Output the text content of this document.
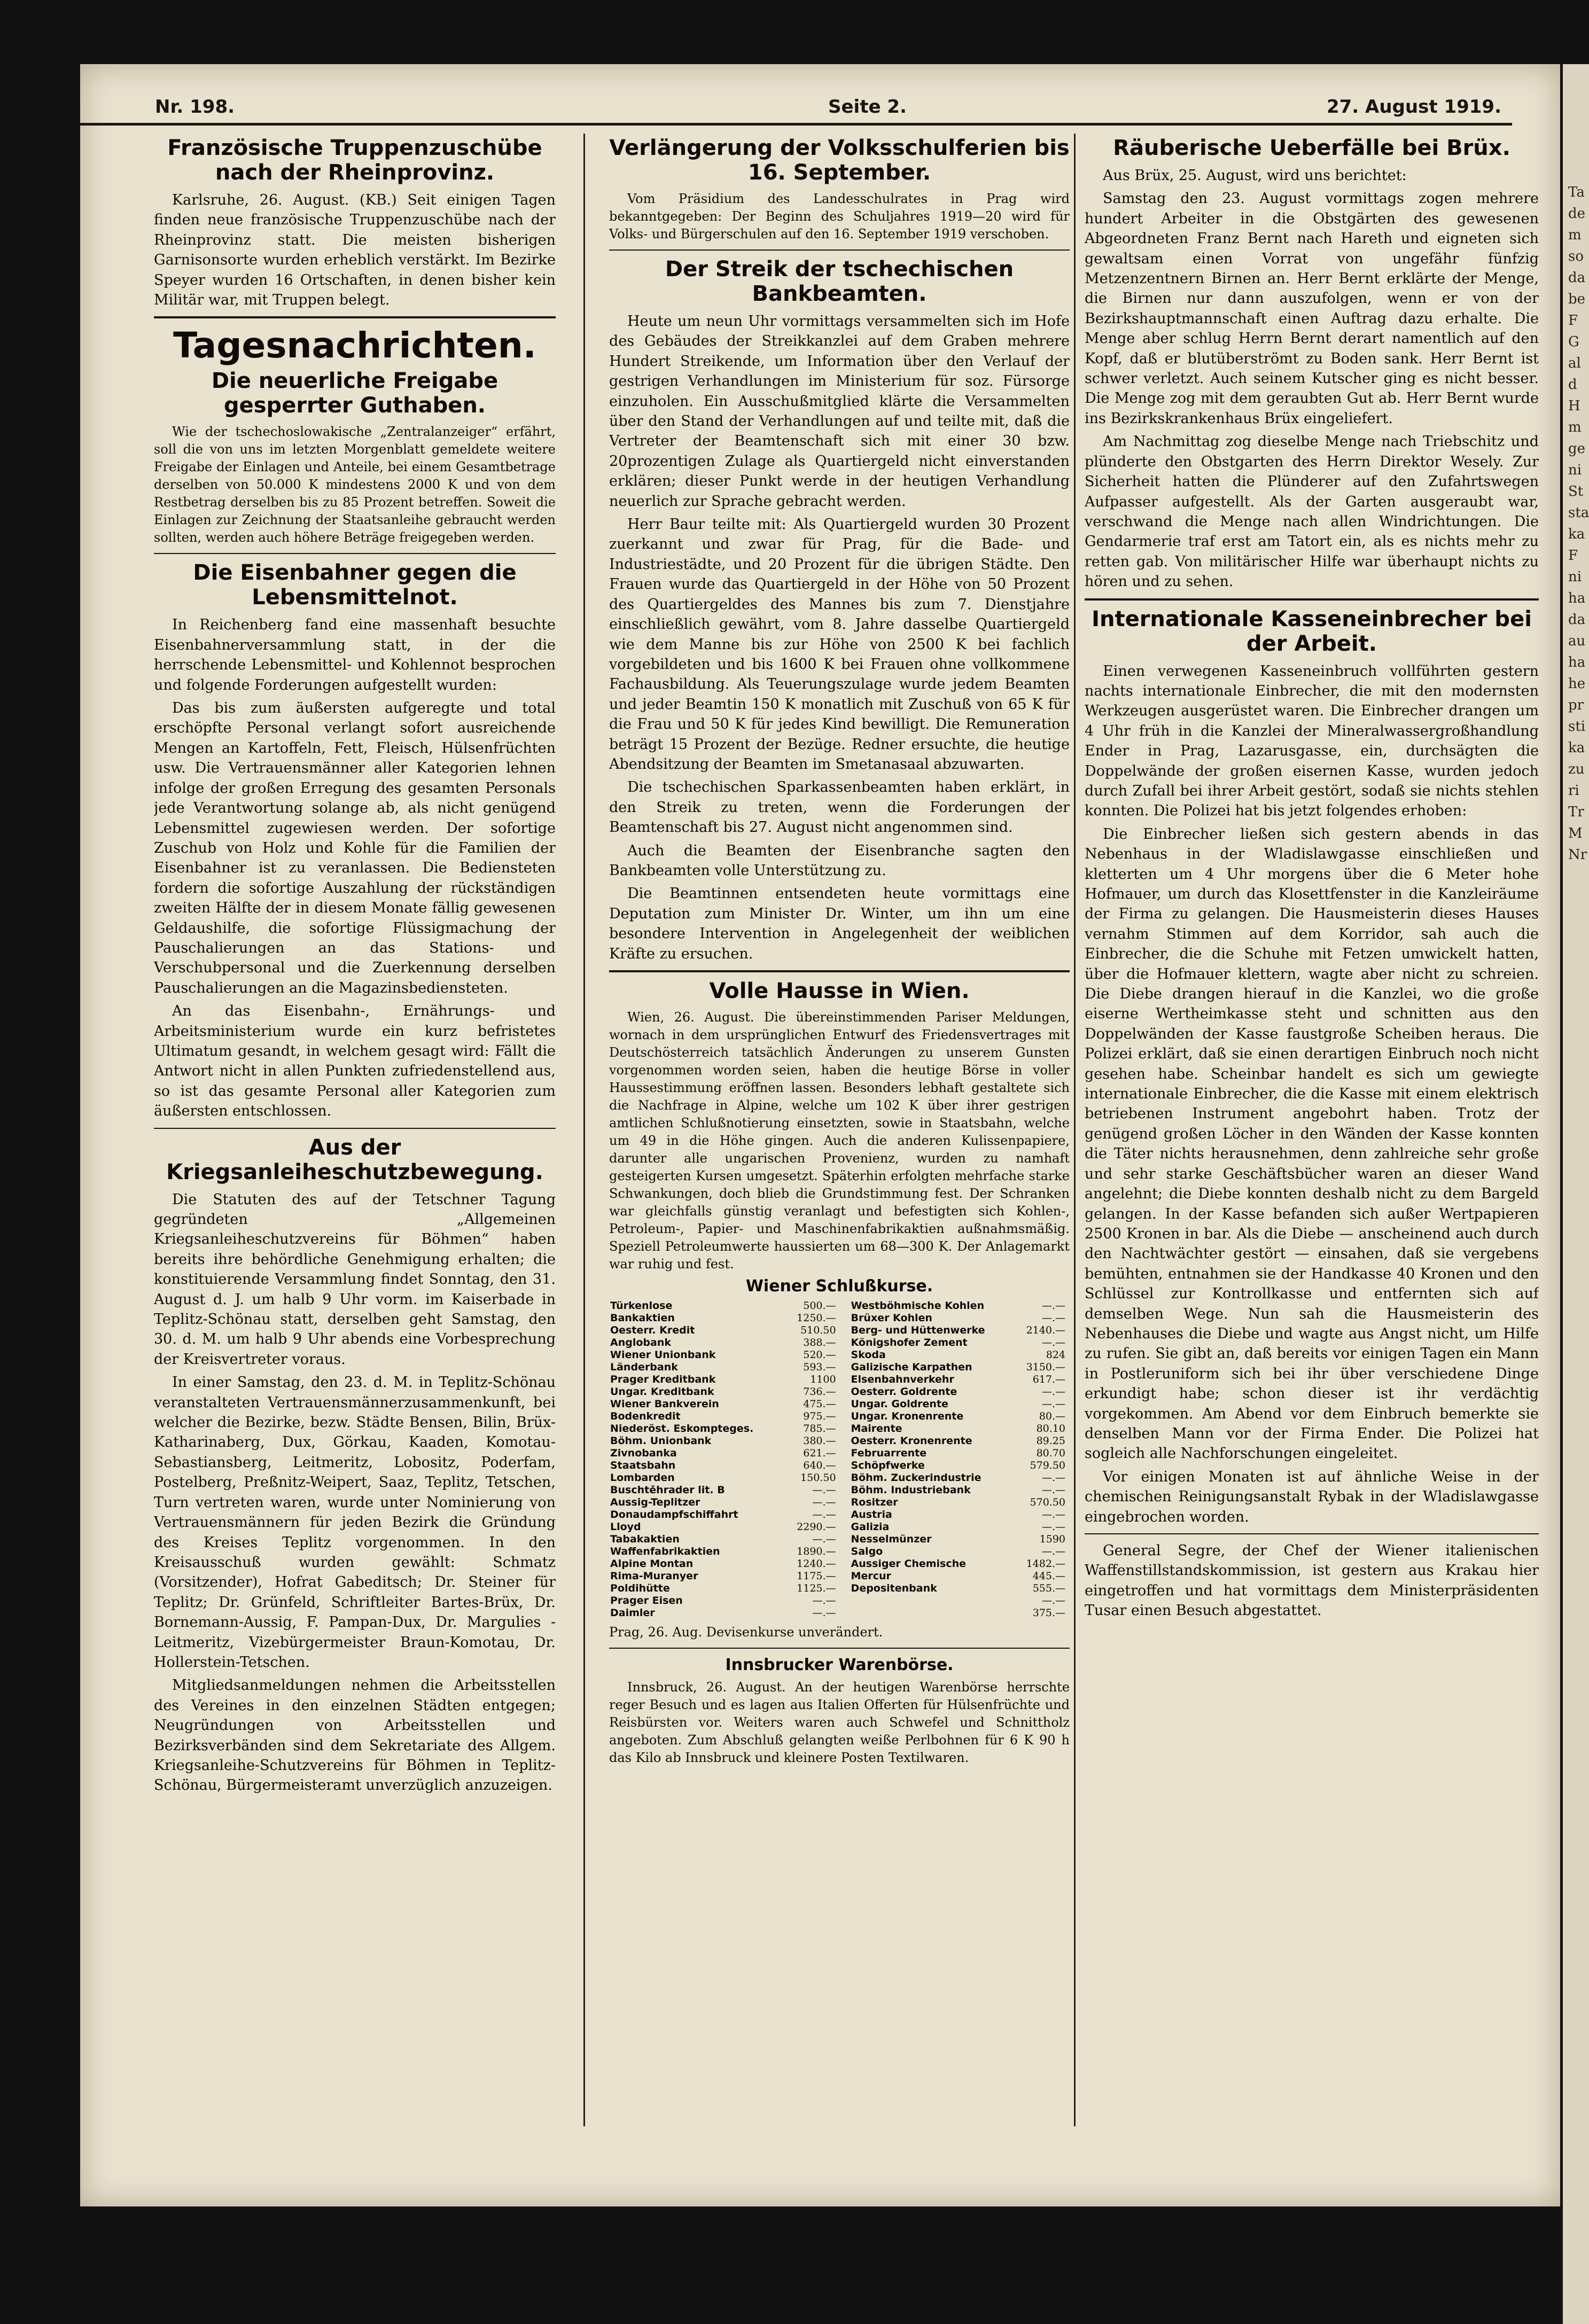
Ta
de
m
so
da
be
F
G
al
d
H
m
ge
ni
St
sta
ka
F
ni
ha
da
au
ha
he
pr
sti
ka
zu
ri
Tr
M
Nr
Nr. 198.	Seite 2.	27. August 1919.
Französische Truppenzuschübe nach der Rheinprovinz.

Karlsruhe, 26. August. (KB.) Seit einigen Tagen finden neue französische Truppenzuschübe nach der Rheinprovinz statt. Die meisten bisherigen Garnisonsorte wurden erheblich verstärkt. Im Bezirke Speyer wurden 16 Ortschaften, in denen bisher kein Militär war, mit Truppen belegt.

Tagesnachrichten.
Die neuerliche Freigabe gesperrter Guthaben.

Wie der tschechoslowakische „Zentralanzeiger“ erfährt, soll die von uns im letzten Morgenblatt gemeldete weitere Freigabe der Einlagen und Anteile, bei einem Gesamtbetrage derselben von 50.000 K mindestens 2000 K und von dem Restbetrag derselben bis zu 85 Prozent betreffen. Soweit die Einlagen zur Zeichnung der Staatsanleihe gebraucht werden sollten, werden auch höhere Beträge freigegeben werden.

Die Eisenbahner gegen die Lebensmittelnot.

In Reichenberg fand eine massenhaft besuchte Eisenbahnerversammlung statt, in der die herrschende Lebensmittel- und Kohlennot besprochen und folgende Forderungen aufgestellt wurden:

Das bis zum äußersten aufgeregte und total erschöpfte Personal verlangt sofort ausreichende Mengen an Kartoffeln, Fett, Fleisch, Hülsenfrüchten usw. Die Vertrauensmänner aller Kategorien lehnen infolge der großen Erregung des gesamten Personals jede Verantwortung solange ab, als nicht genügend Lebensmittel zugewiesen werden. Der sofortige Zuschub von Holz und Kohle für die Familien der Eisenbahner ist zu veranlassen. Die Bediensteten fordern die sofortige Auszahlung der rückständigen zweiten Hälfte der in diesem Monate fällig gewesenen Geldaushilfe, die sofortige Flüssigmachung der Pauschalierungen an das Stations- und Verschubpersonal und die Zuerkennung derselben Pauschalierungen an die Magazinsbediensteten.

An das Eisenbahn-, Ernährungs- und Arbeitsministerium wurde ein kurz befristetes Ultimatum gesandt, in welchem gesagt wird: Fällt die Antwort nicht in allen Punkten zufriedenstellend aus, so ist das gesamte Personal aller Kategorien zum äußersten entschlossen.

Aus der Kriegsanleiheschutzbewegung.

Die Statuten des auf der Tetschner Tagung gegründeten „Allgemeinen Kriegsanleiheschutzvereins für Böhmen“ haben bereits ihre behördliche Genehmigung erhalten; die konstituierende Versammlung findet Sonntag, den 31. August d. J. um halb 9 Uhr vorm. im Kaiserbade in Teplitz-Schönau statt, derselben geht Samstag, den 30. d. M. um halb 9 Uhr abends eine Vorbesprechung der Kreisvertreter voraus.

In einer Samstag, den 23. d. M. in Teplitz-Schönau veranstalteten Vertrauensmännerzusammenkunft, bei welcher die Bezirke, bezw. Städte Bensen, Bilin, Brüx-Katharinaberg, Dux, Görkau, Kaaden, Komotau-Sebastiansberg, Leitmeritz, Lobositz, Poderfam, Postelberg, Preßnitz-Weipert, Saaz, Teplitz, Tetschen, Turn vertreten waren, wurde unter Nominierung von Vertrauensmännern für jeden Bezirk die Gründung des Kreises Teplitz vorgenommen. In den Kreisausschuß wurden gewählt: Schmatz (Vorsitzender), Hofrat Gabeditsch; Dr. Steiner für Teplitz; Dr. Grünfeld, Schriftleiter Bartes-Brüx, Dr. Bornemann-Aussig, F. Pampan-Dux, Dr. Margulies - Leitmeritz, Vizebürgermeister Braun-Komotau, Dr. Hollerstein-Tetschen.

Mitgliedsanmeldungen nehmen die Arbeitsstellen des Vereines in den einzelnen Städten entgegen; Neugründungen von Arbeitsstellen und Bezirksverbänden sind dem Sekretariate des Allgem. Kriegsanleihe-Schutzvereins für Böhmen in Teplitz-Schönau, Bürgermeisteramt unverzüglich anzuzeigen.

Verlängerung der Volksschulferien bis 16. September.

Vom Präsidium des Landesschulrates in Prag wird bekanntgegeben: Der Beginn des Schuljahres 1919—20 wird für Volks- und Bürgerschulen auf den 16. September 1919 verschoben.

Der Streik der tschechischen Bankbeamten.

Heute um neun Uhr vormittags versammelten sich im Hofe des Gebäudes der Streikkanzlei auf dem Graben mehrere Hundert Streikende, um Information über den Verlauf der gestrigen Verhandlungen im Ministerium für soz. Fürsorge einzuholen. Ein Ausschußmitglied klärte die Versammelten über den Stand der Verhandlungen auf und teilte mit, daß die Vertreter der Beamtenschaft sich mit einer 30 bzw. 20prozentigen Zulage als Quartiergeld nicht einverstanden erklären; dieser Punkt werde in der heutigen Verhandlung neuerlich zur Sprache gebracht werden.

Herr Baur teilte mit: Als Quartiergeld wurden 30 Prozent zuerkannt und zwar für Prag, für die Bade- und Industriestädte, und 20 Prozent für die übrigen Städte. Den Frauen wurde das Quartiergeld in der Höhe von 50 Prozent des Quartiergeldes des Mannes bis zum 7. Dienstjahre einschließlich gewährt, vom 8. Jahre dasselbe Quartiergeld wie dem Manne bis zur Höhe von 2500 K bei fachlich vorgebildeten und bis 1600 K bei Frauen ohne vollkommene Fachausbildung. Als Teuerungszulage wurde jedem Beamten und jeder Beamtin 150 K monatlich mit Zuschuß von 65 K für die Frau und 50 K für jedes Kind bewilligt. Die Remuneration beträgt 15 Prozent der Bezüge. Redner ersuchte, die heutige Abendsitzung der Beamten im Smetanasaal abzuwarten.

Die tschechischen Sparkassenbeamten haben erklärt, in den Streik zu treten, wenn die Forderungen der Beamtenschaft bis 27. August nicht angenommen sind.

Auch die Beamten der Eisenbranche sagten den Bankbeamten volle Unterstützung zu.

Die Beamtinnen entsendeten heute vormittags eine Deputation zum Minister Dr. Winter, um ihn um eine besondere Intervention in Angelegenheit der weiblichen Kräfte zu ersuchen.

Volle Hausse in Wien.

Wien, 26. August. Die übereinstimmenden Pariser Meldungen, wornach in dem ursprünglichen Entwurf des Friedensvertrages mit Deutschösterreich tatsächlich Änderungen zu unserem Gunsten vorgenommen worden seien, haben die heutige Börse in voller Haussestimmung eröffnen lassen. Besonders lebhaft gestaltete sich die Nachfrage in Alpine, welche um 102 K über ihrer gestrigen amtlichen Schlußnotierung einsetzten, sowie in Staatsbahn, welche um 49 in die Höhe gingen. Auch die anderen Kulissenpapiere, darunter alle ungarischen Provenienz, wurden zu namhaft gesteigerten Kursen umgesetzt. Späterhin erfolgten mehrfache starke Schwankungen, doch blieb die Grundstimmung fest. Der Schranken war gleichfalls günstig veranlagt und befestigten sich Kohlen-, Petroleum-, Papier- und Maschinenfabrikaktien außnahmsmäßig. Speziell Petroleumwerte haussierten um 68—300 K. Der Anlagemarkt war ruhig und fest.

Wiener Schlußkurse.
Türkenlose	500.—		Westböhmische Kohlen	—.—
Bankaktien	1250.—		Brüxer Kohlen	—.—
Oesterr. Kredit	510.50		Berg- und Hüttenwerke	2140.—
Anglobank	388.—		Königshofer Zement	—.—
Wiener Unionbank	520.—		Skoda	824
Länderbank	593.—		Galizische Karpathen	3150.—
Prager Kreditbank	1100		Elsenbahnverkehr	617.—
Ungar. Kreditbank	736.—		Oesterr. Goldrente	—.—
Wiener Bankverein	475.—		Ungar. Goldrente	—.—
Bodenkredit	975.—		Ungar. Kronenrente	80.—
Niederöst. Eskompteges.	785.—		Mairente	80.10
Böhm. Unionbank	380.—		Oesterr. Kronenrente	89.25
Zivnobanka	621.—		Februarrente	80.70
Staatsbahn	640.—		Schöpfwerke	579.50
Lombarden	150.50		Böhm. Zuckerindustrie	—.—
Buschtěhrader lit. B	—.—		Böhm. Industriebank	—.—
Aussig-Teplitzer	—.—		Rositzer	570.50
Donaudampfschiffahrt	—.—		Austria	—.—
Lloyd	2290.—		Galizia	—.—
Tabakaktien	—.—		Nesselmünzer	1590
Waffenfabrikaktien	1890.—		Salgo	—.—
Alpine Montan	1240.—		Aussiger Chemische	1482.—
Rima-Muranyer	1175.—		Mercur	445.—
Poldihütte	1125.—		Depositenbank	555.—
Prager Eisen	—.—			—.—
Daimler	—.—			375.—

Prag, 26. Aug. Devisenkurse unverändert.

Innsbrucker Warenbörse.

Innsbruck, 26. August. An der heutigen Warenbörse herrschte reger Besuch und es lagen aus Italien Offerten für Hülsenfrüchte und Reisbürsten vor. Weiters waren auch Schwefel und Schnittholz angeboten. Zum Abschluß gelangten weiße Perlbohnen für 6 K 90 h das Kilo ab Innsbruck und kleinere Posten Textilwaren.

Räuberische Ueberfälle bei Brüx.

Aus Brüx, 25. August, wird uns berichtet:

Samstag den 23. August vormittags zogen mehrere hundert Arbeiter in die Obstgärten des gewesenen Abgeordneten Franz Bernt nach Hareth und eigneten sich gewaltsam einen Vorrat von ungefähr fünfzig Metzenzentnern Birnen an. Herr Bernt erklärte der Menge, die Birnen nur dann auszufolgen, wenn er von der Bezirkshauptmannschaft einen Auftrag dazu erhalte. Die Menge aber schlug Herrn Bernt derart namentlich auf den Kopf, daß er blutüberströmt zu Boden sank. Herr Bernt ist schwer verletzt. Auch seinem Kutscher ging es nicht besser. Die Menge zog mit dem geraubten Gut ab. Herr Bernt wurde ins Bezirkskrankenhaus Brüx eingeliefert.

Am Nachmittag zog dieselbe Menge nach Triebschitz und plünderte den Obstgarten des Herrn Direktor Wesely. Zur Sicherheit hatten die Plünderer auf den Zufahrtswegen Aufpasser aufgestellt. Als der Garten ausgeraubt war, verschwand die Menge nach allen Windrichtungen. Die Gendarmerie traf erst am Tatort ein, als es nichts mehr zu retten gab. Von militärischer Hilfe war überhaupt nichts zu hören und zu sehen.

Internationale Kasseneinbrecher bei der Arbeit.

Einen verwegenen Kasseneinbruch vollführten gestern nachts internationale Einbrecher, die mit den modernsten Werkzeugen ausgerüstet waren. Die Einbrecher drangen um 4 Uhr früh in die Kanzlei der Mineralwassergroßhandlung Ender in Prag, Lazarusgasse, ein, durchsägten die Doppelwände der großen eisernen Kasse, wurden jedoch durch Zufall bei ihrer Arbeit gestört, sodaß sie nichts stehlen konnten. Die Polizei hat bis jetzt folgendes erhoben:

Die Einbrecher ließen sich gestern abends in das Nebenhaus in der Wladislawgasse einschließen und kletterten um 4 Uhr morgens über die 6 Meter hohe Hofmauer, um durch das Klosettfenster in die Kanzleiräume der Firma zu gelangen. Die Hausmeisterin dieses Hauses vernahm Stimmen auf dem Korridor, sah auch die Einbrecher, die die Schuhe mit Fetzen umwickelt hatten, über die Hofmauer klettern, wagte aber nicht zu schreien. Die Diebe drangen hierauf in die Kanzlei, wo die große eiserne Wertheimkasse steht und schnitten aus den Doppelwänden der Kasse faustgroße Scheiben heraus. Die Polizei erklärt, daß sie einen derartigen Einbruch noch nicht gesehen habe. Scheinbar handelt es sich um gewiegte internationale Einbrecher, die die Kasse mit einem elektrisch betriebenen Instrument angebohrt haben. Trotz der genügend großen Löcher in den Wänden der Kasse konnten die Täter nichts herausnehmen, denn zahlreiche sehr große und sehr starke Geschäftsbücher waren an dieser Wand angelehnt; die Diebe konnten deshalb nicht zu dem Bargeld gelangen. In der Kasse befanden sich außer Wertpapieren 2500 Kronen in bar. Als die Diebe — anscheinend auch durch den Nachtwächter gestört — einsahen, daß sie vergebens bemühten, entnahmen sie der Handkasse 40 Kronen und den Schlüssel zur Kontrollkasse und entfernten sich auf demselben Wege. Nun sah die Hausmeisterin des Nebenhauses die Diebe und wagte aus Angst nicht, um Hilfe zu rufen. Sie gibt an, daß bereits vor einigen Tagen ein Mann in Postleruniform sich bei ihr über verschiedene Dinge erkundigt habe; schon dieser ist ihr verdächtig vorgekommen. Am Abend vor dem Einbruch bemerkte sie denselben Mann vor der Firma Ender. Die Polizei hat sogleich alle Nachforschungen eingeleitet.

Vor einigen Monaten ist auf ähnliche Weise in der chemischen Reinigungsanstalt Rybak in der Wladislawgasse eingebrochen worden.

General Segre, der Chef der Wiener italienischen Waffenstillstandskommission, ist gestern aus Krakau hier eingetroffen und hat vormittags dem Ministerpräsidenten Tusar einen Besuch abgestattet.
